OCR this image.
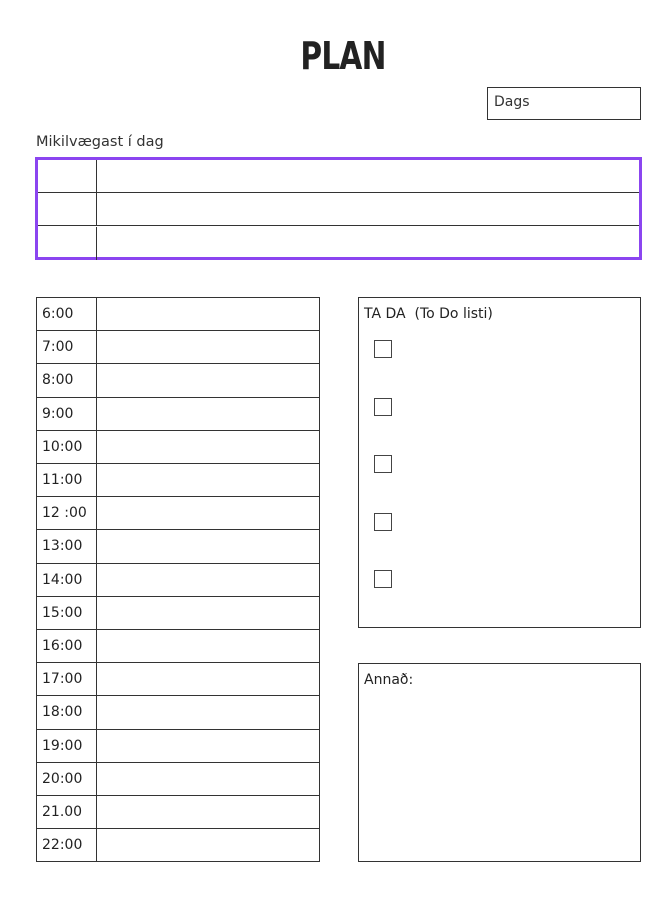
PLAN
Dags
Mikilvægast í dag
6:00
7:00
8:00
9:00
10:00
11:00
12 :00
13:00
14:00
15:00
16:00
17:00
18:00
19:00
20:00
21.00
22:00
TA DA  (To Do listi)
Annað:
